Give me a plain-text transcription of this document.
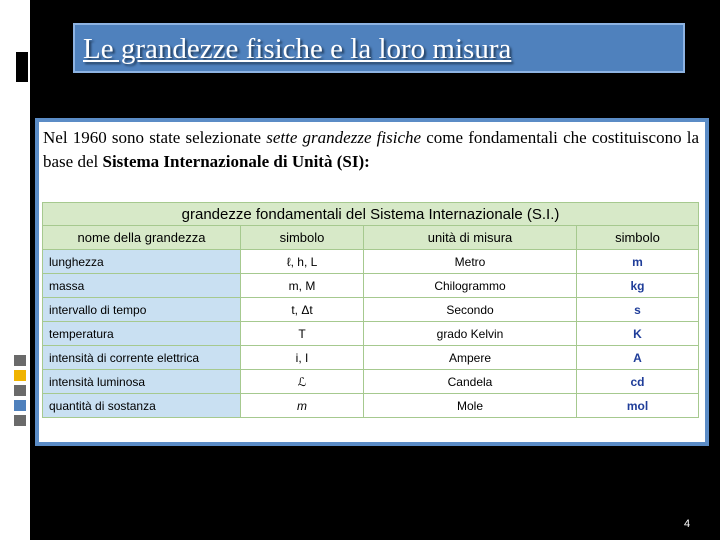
Le grandezze fisiche e la loro misura
Nel 1960 sono state selezionate sette grandezze fisiche come fondamentali che costituiscono la base del Sistema Internazionale di Unità (SI):
grandezze fondamentali del Sistema Internazionale (S.I.)			
nome della grandezza	simbolo	unità di misura	simbolo
lunghezza	ℓ, h, L	Metro	m
massa	m, M	Chilogrammo	kg
intervallo di tempo	t, Δt	Secondo	s
temperatura	T	grado Kelvin	K
intensità di corrente elettrica	i, I	Ampere	A
intensità luminosa	ℒ	Candela	cd
quantità di sostanza	m	Mole	mol
4
